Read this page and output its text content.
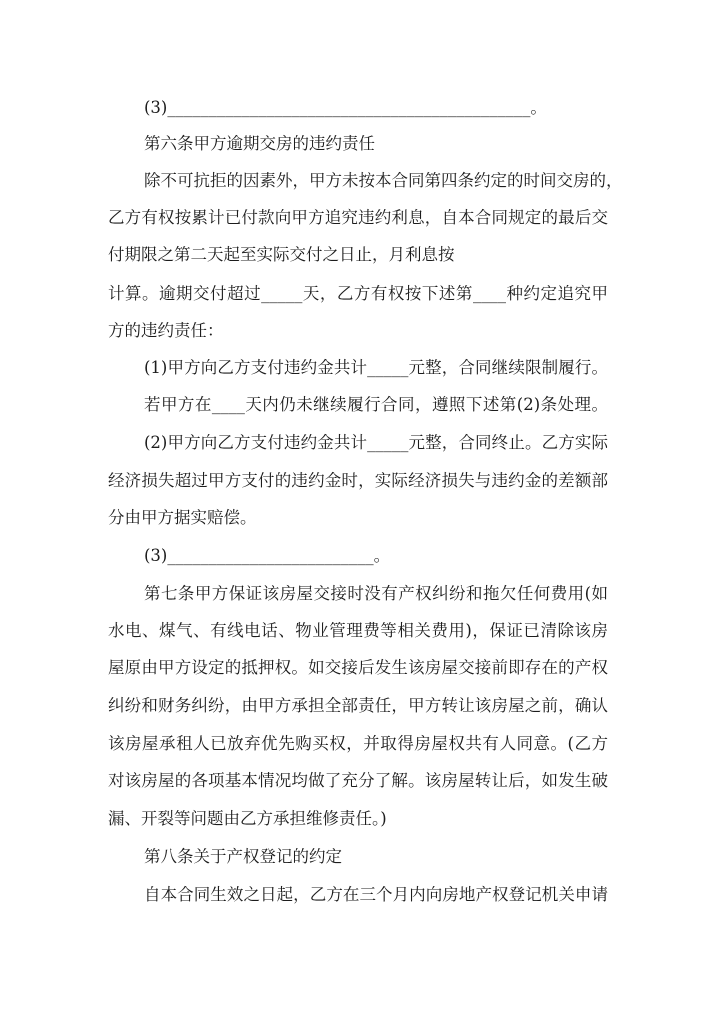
(3)____________________________________________。
第六条甲方逾期交房的违约责任
除不可抗拒的因素外，甲方未按本合同第四条约定的时间交房的，
乙方有权按累计已付款向甲方追究违约利息，自本合同规定的最后交
付期限之第二天起至实际交付之日止，月利息按
计算。逾期交付超过_____天，乙方有权按下述第____种约定追究甲
方的违约责任：
(1)甲方向乙方支付违约金共计_____元整，合同继续限制履行。
若甲方在____天内仍未继续履行合同，遵照下述第(2)条处理。
(2)甲方向乙方支付违约金共计_____元整，合同终止。乙方实际
经济损失超过甲方支付的违约金时，实际经济损失与违约金的差额部
分由甲方据实赔偿。
(3)_________________________。
第七条甲方保证该房屋交接时没有产权纠纷和拖欠任何费用(如
水电、煤气、有线电话、物业管理费等相关费用)，保证已清除该房
屋原由甲方设定的抵押权。如交接后发生该房屋交接前即存在的产权
纠纷和财务纠纷，由甲方承担全部责任，甲方转让该房屋之前，确认
该房屋承租人已放弃优先购买权，并取得房屋权共有人同意。(乙方
对该房屋的各项基本情况均做了充分了解。该房屋转让后，如发生破
漏、开裂等问题由乙方承担维修责任。)
第八条关于产权登记的约定
自本合同生效之日起，乙方在三个月内向房地产权登记机关申请
